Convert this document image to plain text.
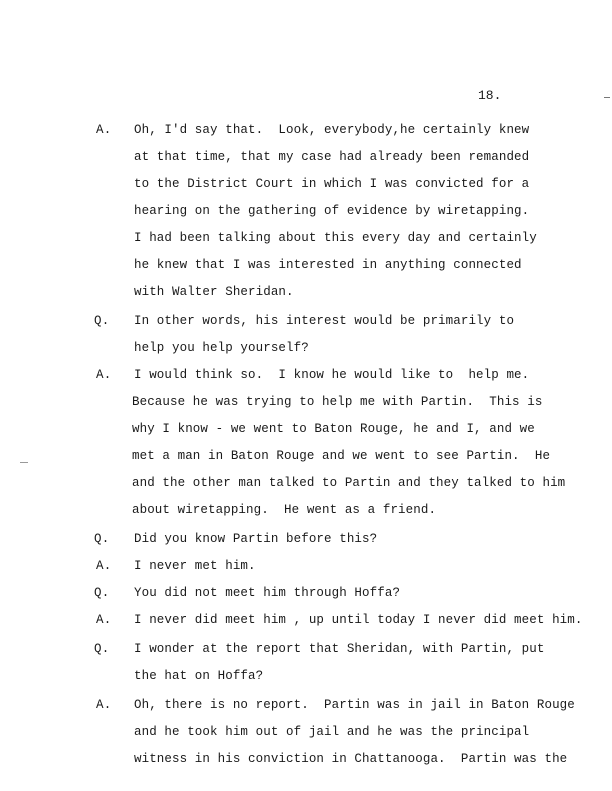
18.
A. Oh, I'd say that.  Look, everybody,he certainly knew
at that time, that my case had already been remanded
to the District Court in which I was convicted for a
hearing on the gathering of evidence by wiretapping.
I had been talking about this every day and certainly
he knew that I was interested in anything connected
with Walter Sheridan.
Q. In other words, his interest would be primarily to
help you help yourself?
A. I would think so.  I know he would like to  help me.
Because he was trying to help me with Partin.  This is
why I know - we went to Baton Rouge, he and I, and we
met a man in Baton Rouge and we went to see Partin.  He
and the other man talked to Partin and they talked to him
about wiretapping.  He went as a friend.
Q. Did you know Partin before this?
A. I never met him.
Q. You did not meet him through Hoffa?
A. I never did meet him , up until today I never did meet him.
Q. I wonder at the report that Sheridan, with Partin, put
the hat on Hoffa?
A. Oh, there is no report.  Partin was in jail in Baton Rouge
and he took him out of jail and he was the principal
witness in his conviction in Chattanooga.  Partin was the
